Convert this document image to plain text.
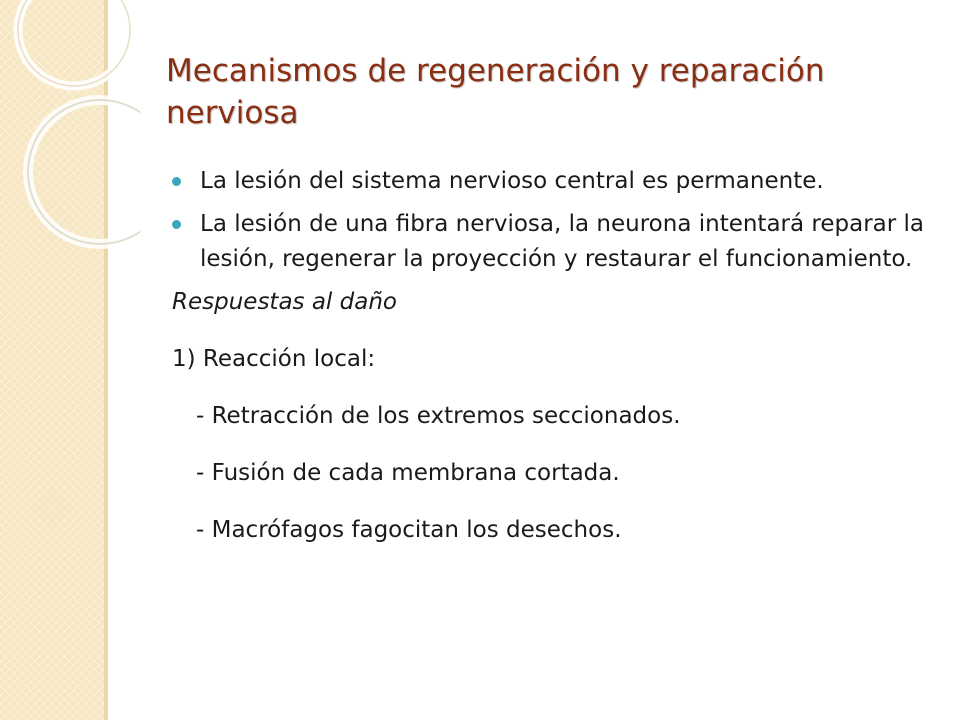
Mecanismos de regeneración y reparación nerviosa
La lesión del sistema nervioso central es permanente.
La lesión de una fibra nerviosa, la neurona intentará reparar la lesión, regenerar la proyección y restaurar el funcionamiento.
Respuestas al daño
1) Reacción local:
- Retracción de los extremos seccionados.
- Fusión de cada membrana cortada.
- Macrófagos fagocitan los desechos.
